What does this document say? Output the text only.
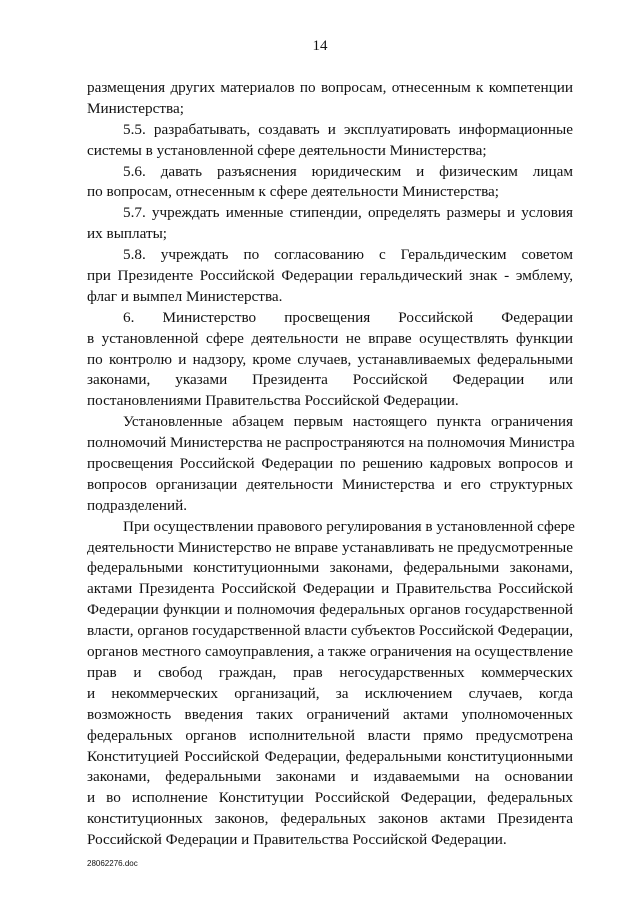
14
размещения других материалов по вопросам, отнесенным к компетенции
Министерства;
5.5. разрабатывать, создавать и эксплуатировать информационные
системы в установленной сфере деятельности Министерства;
5.6. давать разъяснения юридическим и физическим лицам
по вопросам, отнесенным к сфере деятельности Министерства;
5.7. учреждать именные стипендии, определять размеры и условия
их выплаты;
5.8. учреждать по согласованию с Геральдическим советом
при Президенте Российской Федерации геральдический знак - эмблему,
флаг и вымпел Министерства.
6. Министерство просвещения Российской Федерации
в установленной сфере деятельности не вправе осуществлять функции
по контролю и надзору, кроме случаев, устанавливаемых федеральными
законами, указами Президента Российской Федерации или
постановлениями Правительства Российской Федерации.
Установленные абзацем первым настоящего пункта ограничения
полномочий Министерства не распространяются на полномочия Министра
просвещения Российской Федерации по решению кадровых вопросов и
вопросов организации деятельности Министерства и его структурных
подразделений.
При осуществлении правового регулирования в установленной сфере
деятельности Министерство не вправе устанавливать не предусмотренные
федеральными конституционными законами, федеральными законами,
актами Президента Российской Федерации и Правительства Российской
Федерации функции и полномочия федеральных органов государственной
власти, органов государственной власти субъектов Российской Федерации,
органов местного самоуправления, а также ограничения на осуществление
прав и свобод граждан, прав негосударственных коммерческих
и некоммерческих организаций, за исключением случаев, когда
возможность введения таких ограничений актами уполномоченных
федеральных органов исполнительной власти прямо предусмотрена
Конституцией Российской Федерации, федеральными конституционными
законами, федеральными законами и издаваемыми на основании
и во исполнение Конституции Российской Федерации, федеральных
конституционных законов, федеральных законов актами Президента
Российской Федерации и Правительства Российской Федерации.
28062276.doc
